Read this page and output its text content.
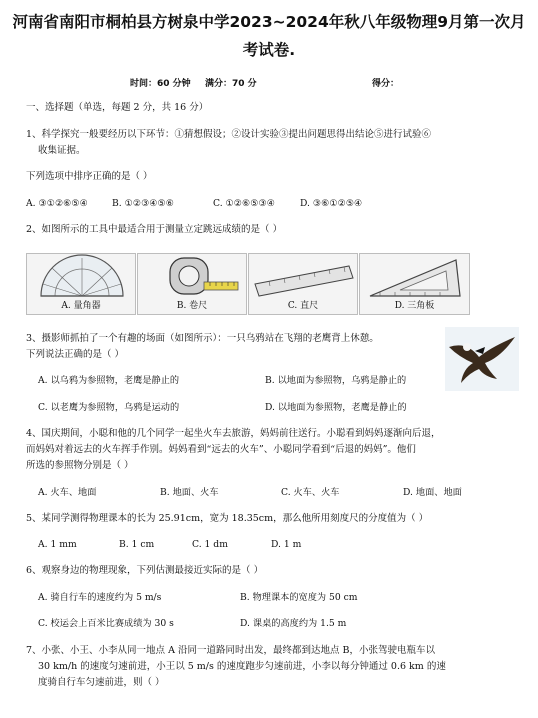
河南省南阳市桐柏县方树泉中学2023~2024年秋八年级物理9月第一次月
考试卷.
时间：60 分钟 满分：70 分	得分：
一、选择题（单选，每题 2 分，共 16 分）
1、科学探究一般要经历以下环节：①猜想假设；②设计实验③提出问题思得出结论⑤进行试验⑥
收集证据。
下列选项中排序正确的是（ ）
A. ③①②⑥⑤④	B. ①②③④⑤⑥	C. ①②⑥⑤③④	D. ③⑥①②⑤④
2、如图所示的工具中最适合用于测量立定跳远成绩的是（ ）
A. 量角器	B. 卷尺	C. 直尺	D. 三角板
3、摄影师抓拍了一个有趣的场面（如图所示）：一只乌鸦站在飞翔的老鹰背上休憩。
下列说法正确的是（ ）
A. 以乌鸦为参照物，老鹰是静止的	B. 以地面为参照物，乌鸦是静止的
C. 以老鹰为参照物，乌鸦是运动的	D. 以地面为参照物，老鹰是静止的
4、国庆期间，小聪和他的几个同学一起坐火车去旅游，妈妈前往送行。小聪看到妈妈逐渐向后退，
而妈妈对着远去的火车挥手作别。妈妈看到“远去的火车”、小聪同学看到“后退的妈妈”。他们
所选的参照物分别是（ ）
A. 火车、地面	B. 地面、火车	C. 火车、火车	D. 地面、地面
5、某同学测得物理课本的长为 25.91cm，宽为 18.35cm，那么他所用刻度尺的分度值为（ ）
A. 1 mm	B. 1 cm	C. 1 dm	D. 1 m
6、观察身边的物理现象，下列估测最接近实际的是（ ）
A. 骑自行车的速度约为 5 m/s	B. 物理课本的宽度为 50 cm
C. 校运会上百米比赛成绩为 30 s	D. 课桌的高度约为 1.5 m
7、小张、小王、小李从同一地点 A 沿同一道路同时出发，最终都到达地点 B，小张驾驶电瓶车以
30 km/h 的速度匀速前进，小王以 5 m/s 的速度跑步匀速前进，小李以每分钟通过 0.6 km 的速
度骑自行车匀速前进，则（ ）
